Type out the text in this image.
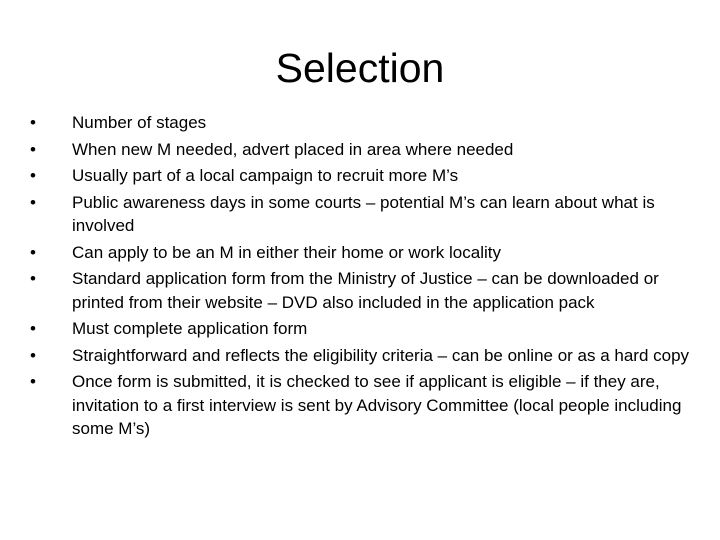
Selection
•	Number of stages
•	When new M needed, advert placed in area where needed
•	Usually part of a local campaign to recruit more M’s
•	Public awareness days in some courts – potential M’s can learn about what is involved
•	Can apply to be an M in either their home or work locality
•	Standard application form from the Ministry of Justice – can be downloaded or printed from their website – DVD also included in the application pack
•	Must complete application form
•	Straightforward and reflects the eligibility criteria – can be online or as a hard copy
•	Once form is submitted, it is checked to see if applicant is eligible – if they are, invitation to a first interview is sent by Advisory Committee (local people including some M’s)
